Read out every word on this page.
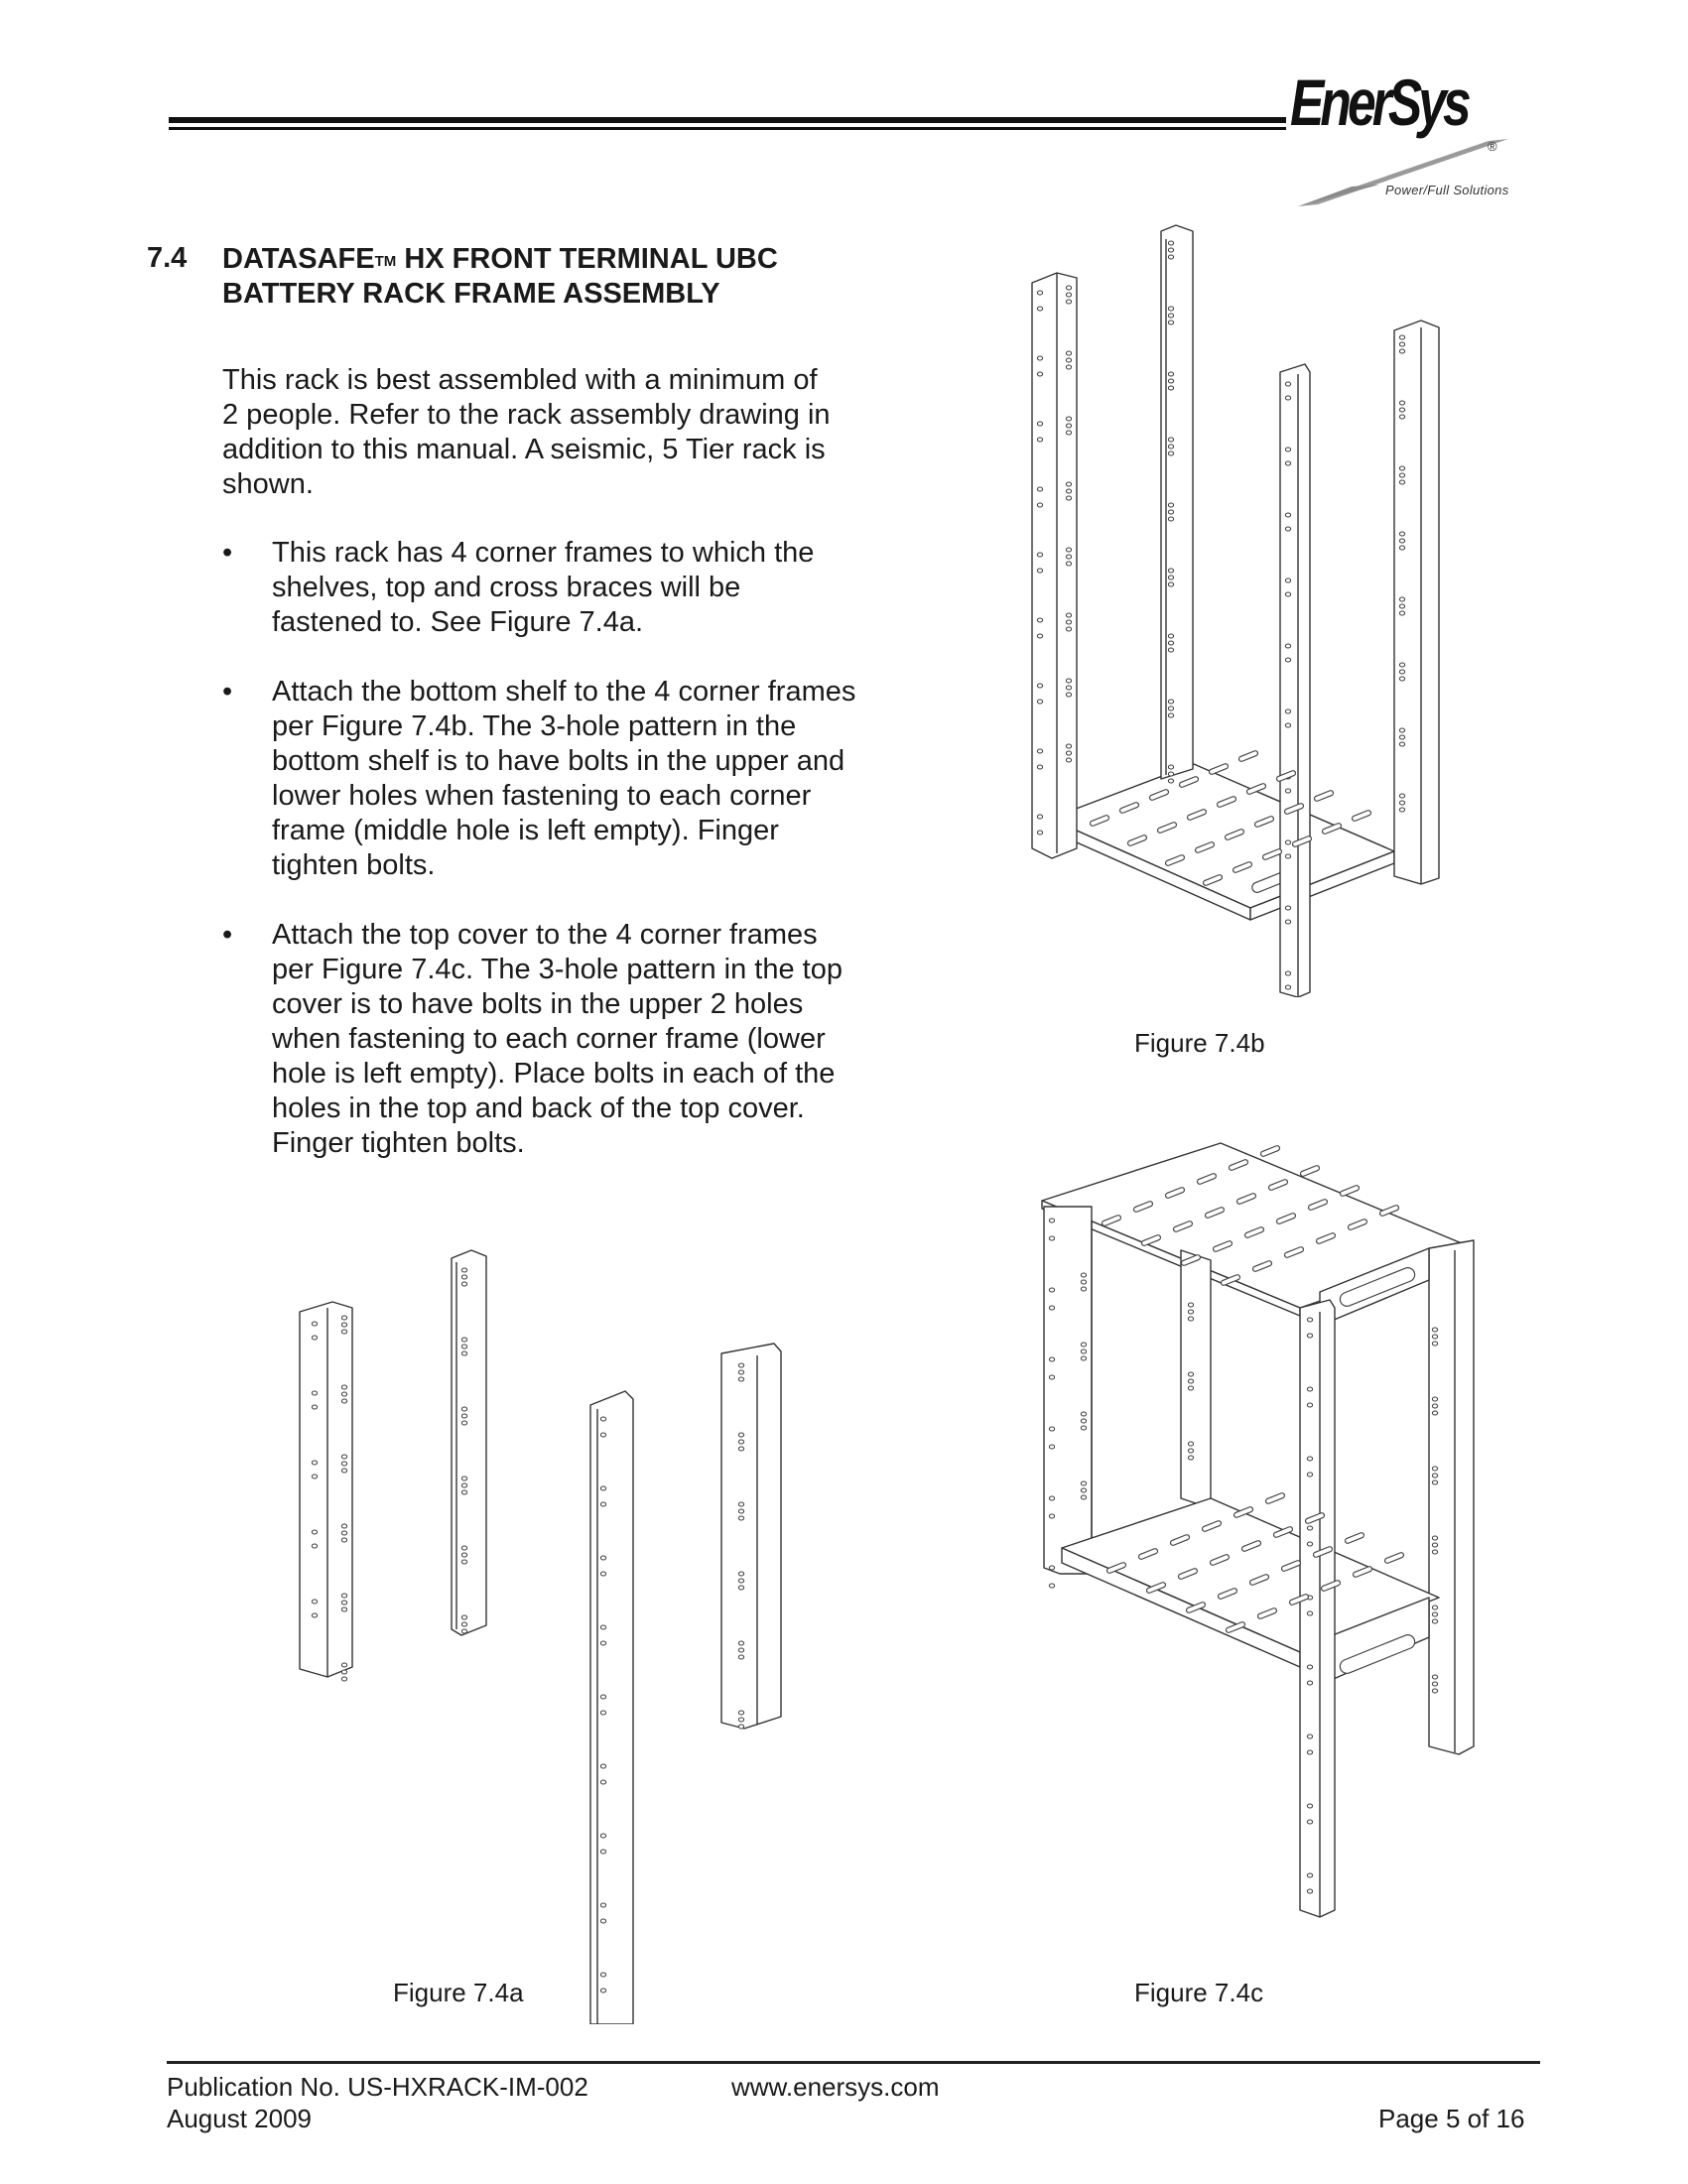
EnerSys
®
Power/Full Solutions
7.4 DATASAFE™ HX FRONT TERMINAL UBC BATTERY RACK FRAME ASSEMBLY
This rack is best assembled with a minimum of 2 people. Refer to the rack assembly drawing in addition to this manual. A seismic, 5 Tier rack is shown.
• This rack has 4 corner frames to which the shelves, top and cross braces will be fastened to. See Figure 7.4a.
• Attach the bottom shelf to the 4 corner frames per Figure 7.4b. The 3-hole pattern in the bottom shelf is to have bolts in the upper and lower holes when fastening to each corner frame (middle hole is left empty). Finger tighten bolts.
• Attach the top cover to the 4 corner frames per Figure 7.4c. The 3-hole pattern in the top cover is to have bolts in the upper 2 holes when fastening to each corner frame (lower hole is left empty). Place bolts in each of the holes in the top and back of the top cover. Finger tighten bolts.
Figure 7.4b
Figure 7.4c
Figure 7.4a
Publication No. US-HXRACK-IM-002
August 2009
www.enersys.com
Page 5 of 16
